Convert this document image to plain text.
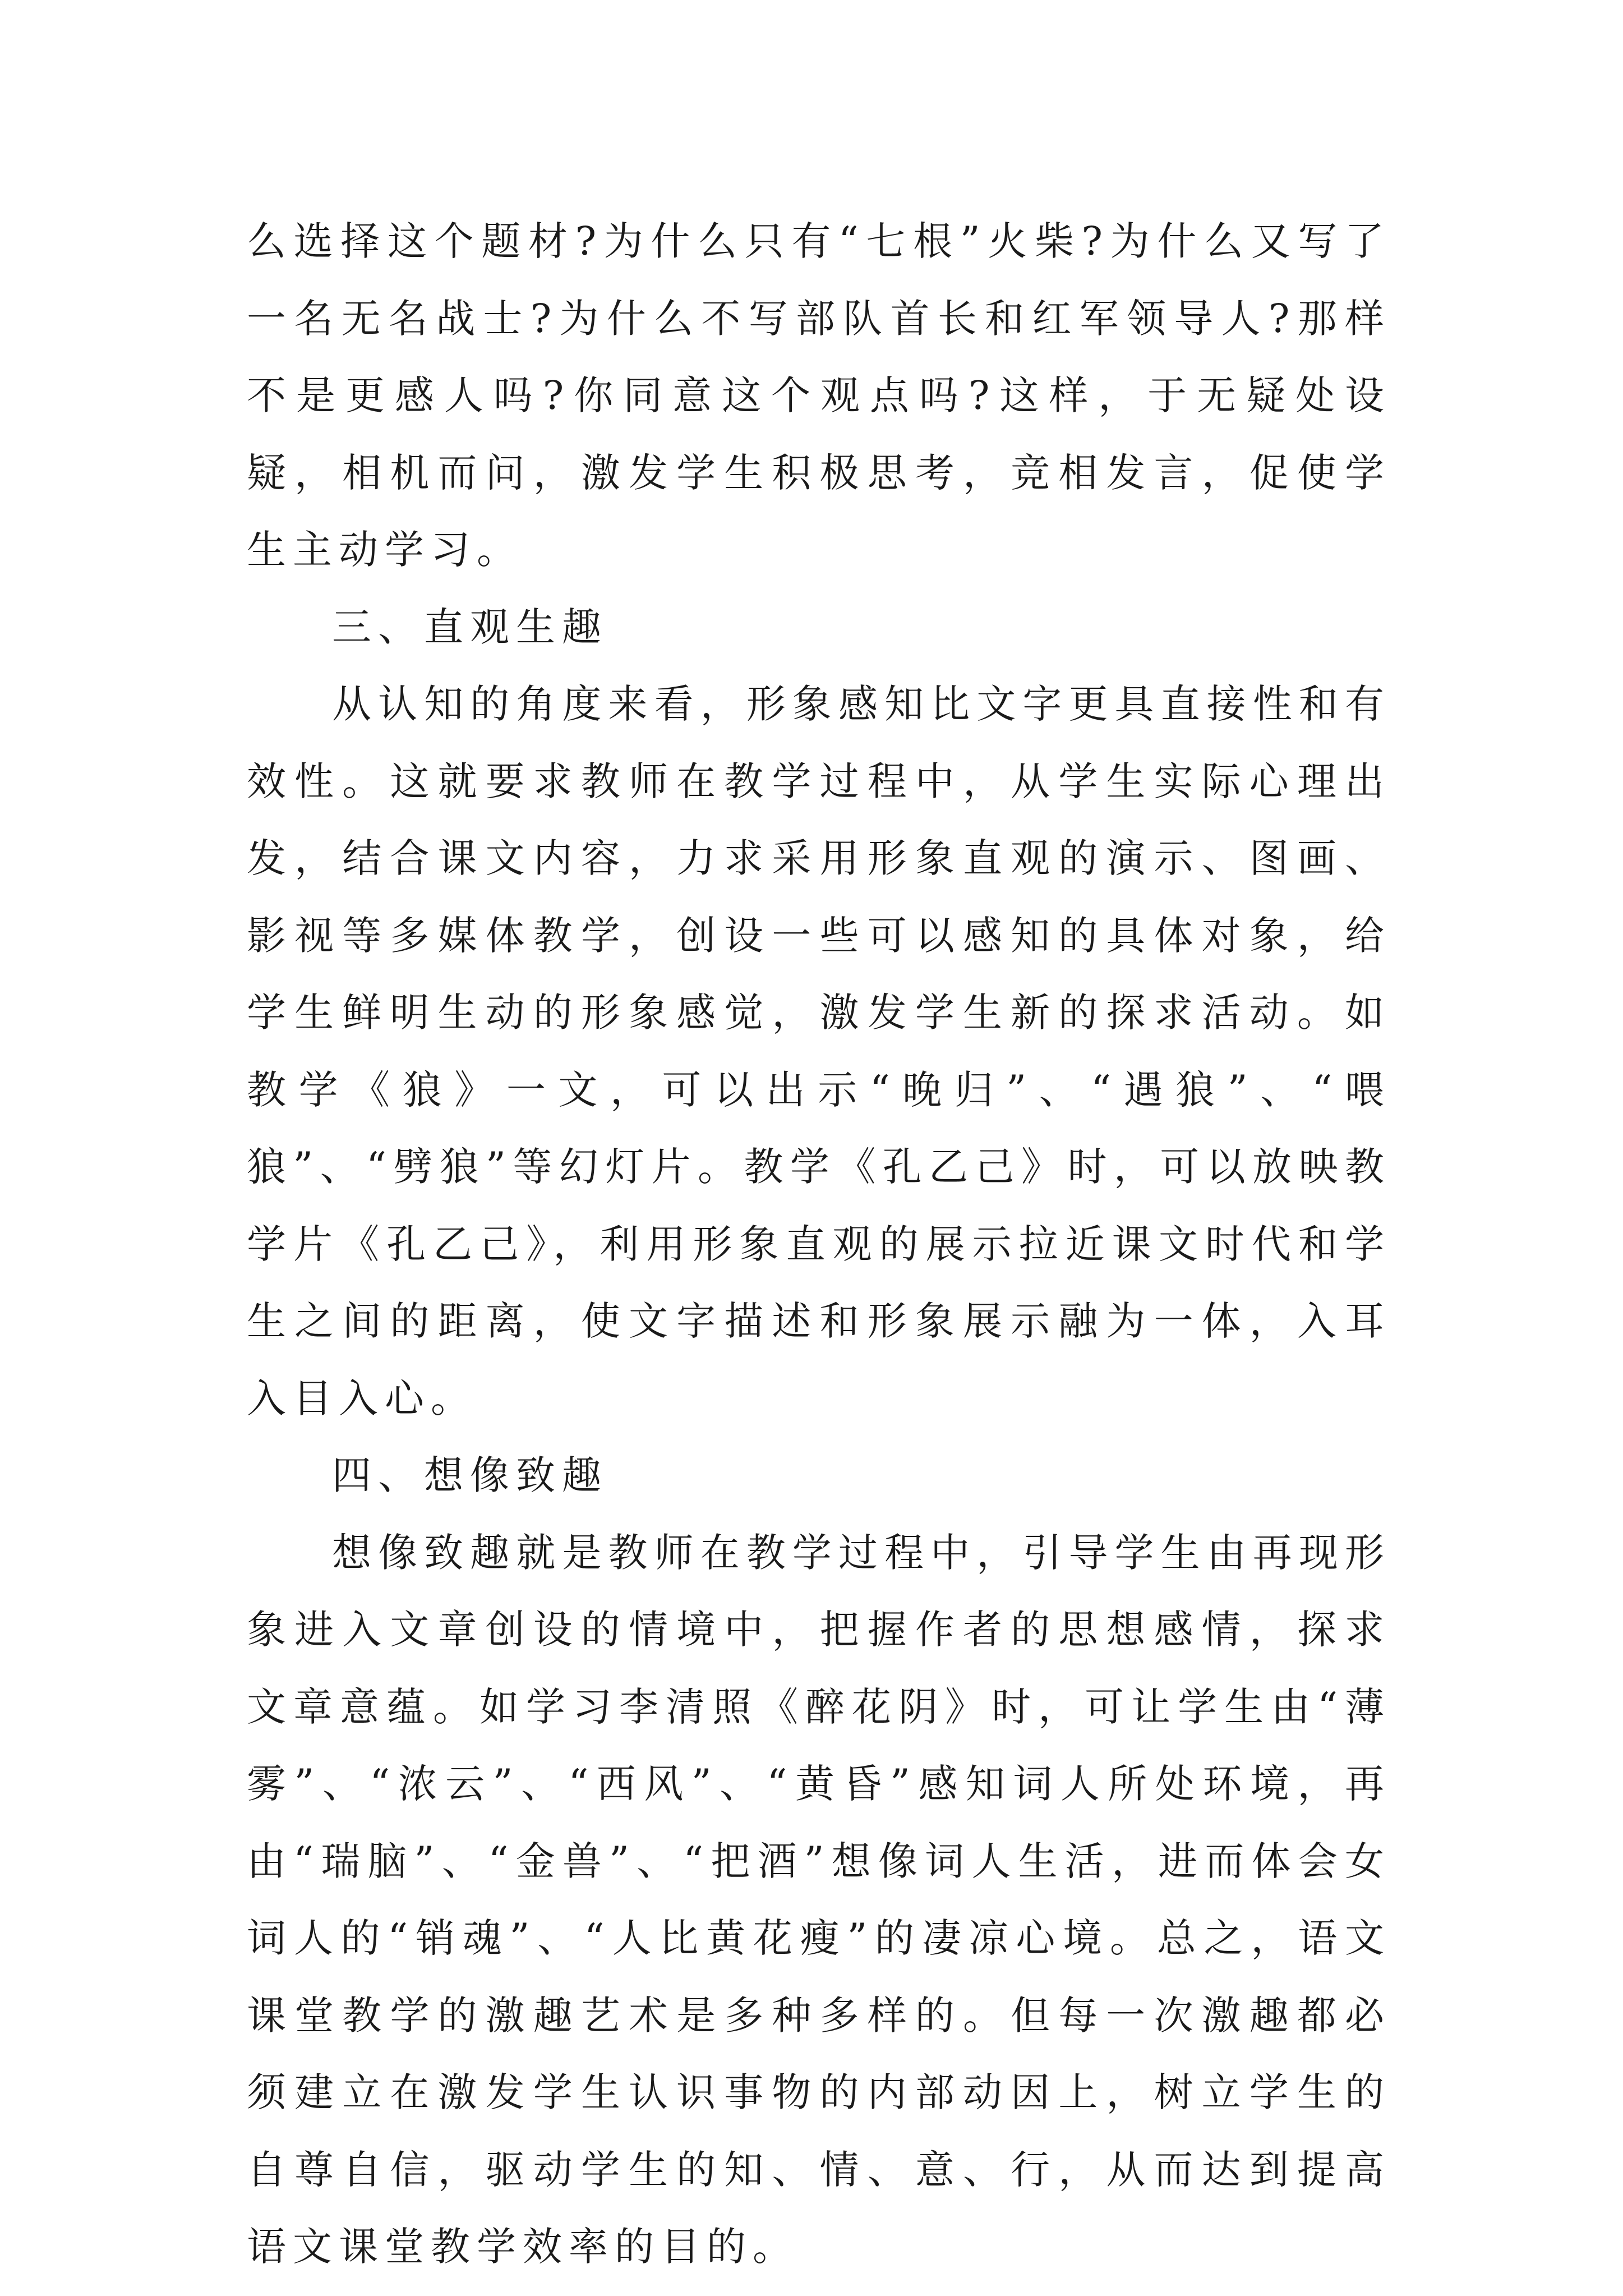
么选择这个题材?为什么只有“七根”火柴?为什么又写了一名无名战士?为什么不写部队首长和红军领导人?那样不是更感人吗?你同意这个观点吗?这样，于无疑处设疑，相机而问，激发学生积极思考，竞相发言，促使学生主动学习。

三、直观生趣

从认知的角度来看，形象感知比文字更具直接性和有效性。这就要求教师在教学过程中，从学生实际心理出发，结合课文内容，力求采用形象直观的演示、图画、影视等多媒体教学，创设一些可以感知的具体对象，给学生鲜明生动的形象感觉，激发学生新的探求活动。如教学《狼》一文，可以出示“晚归”、“遇狼”、“喂狼”、“劈狼”等幻灯片。教学《孔乙己》时，可以放映教学片《孔乙己》，利用形象直观的展示拉近课文时代和学生之间的距离，使文字描述和形象展示融为一体，入耳入目入心。

四、想像致趣

想像致趣就是教师在教学过程中，引导学生由再现形象进入文章创设的情境中，把握作者的思想感情，探求文章意蕴。如学习李清照《醉花阴》时，可让学生由“薄雾”、“浓云”、“西风”、“黄昏”感知词人所处环境，再由“瑞脑”、“金兽”、“把酒”想像词人生活，进而体会女词人的“销魂”、“人比黄花瘦”的凄凉心境。总之，语文课堂教学的激趣艺术是多种多样的。但每一次激趣都必须建立在激发学生认识事物的内部动因上，树立学生的自尊自信，驱动学生的知、情、意、行，从而达到提高语文课堂教学效率的目的。
